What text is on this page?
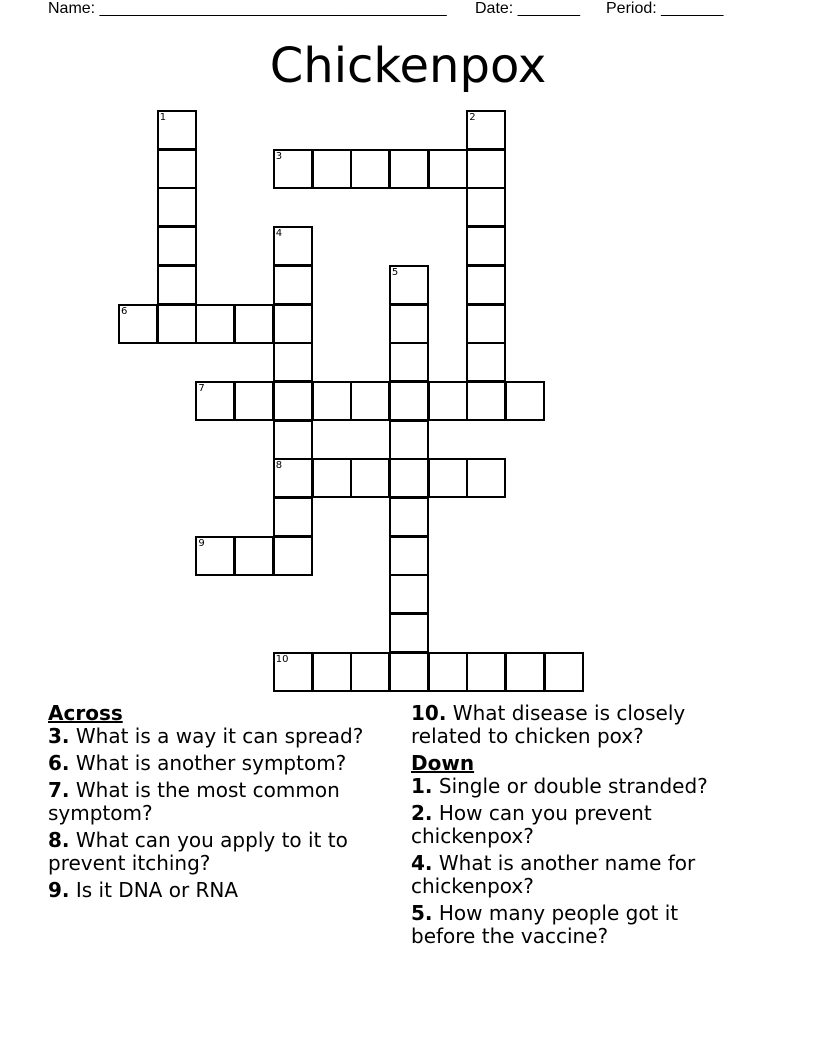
Name: _______________________________________ Date: _______ Period: _______
Chickenpox
1	2
3
4
8
5
6
7
9
10

Across

3. What is a way it can spread?

6. What is another symptom?

7. What is the most common symptom?

8. What can you apply to it to prevent itching?

9. Is it DNA or RNA

10. What disease is closely related to chicken pox?

Down

1. Single or double stranded?

2. How can you prevent chickenpox?

4. What is another name for chickenpox?

5. How many people got it before the vaccine?
